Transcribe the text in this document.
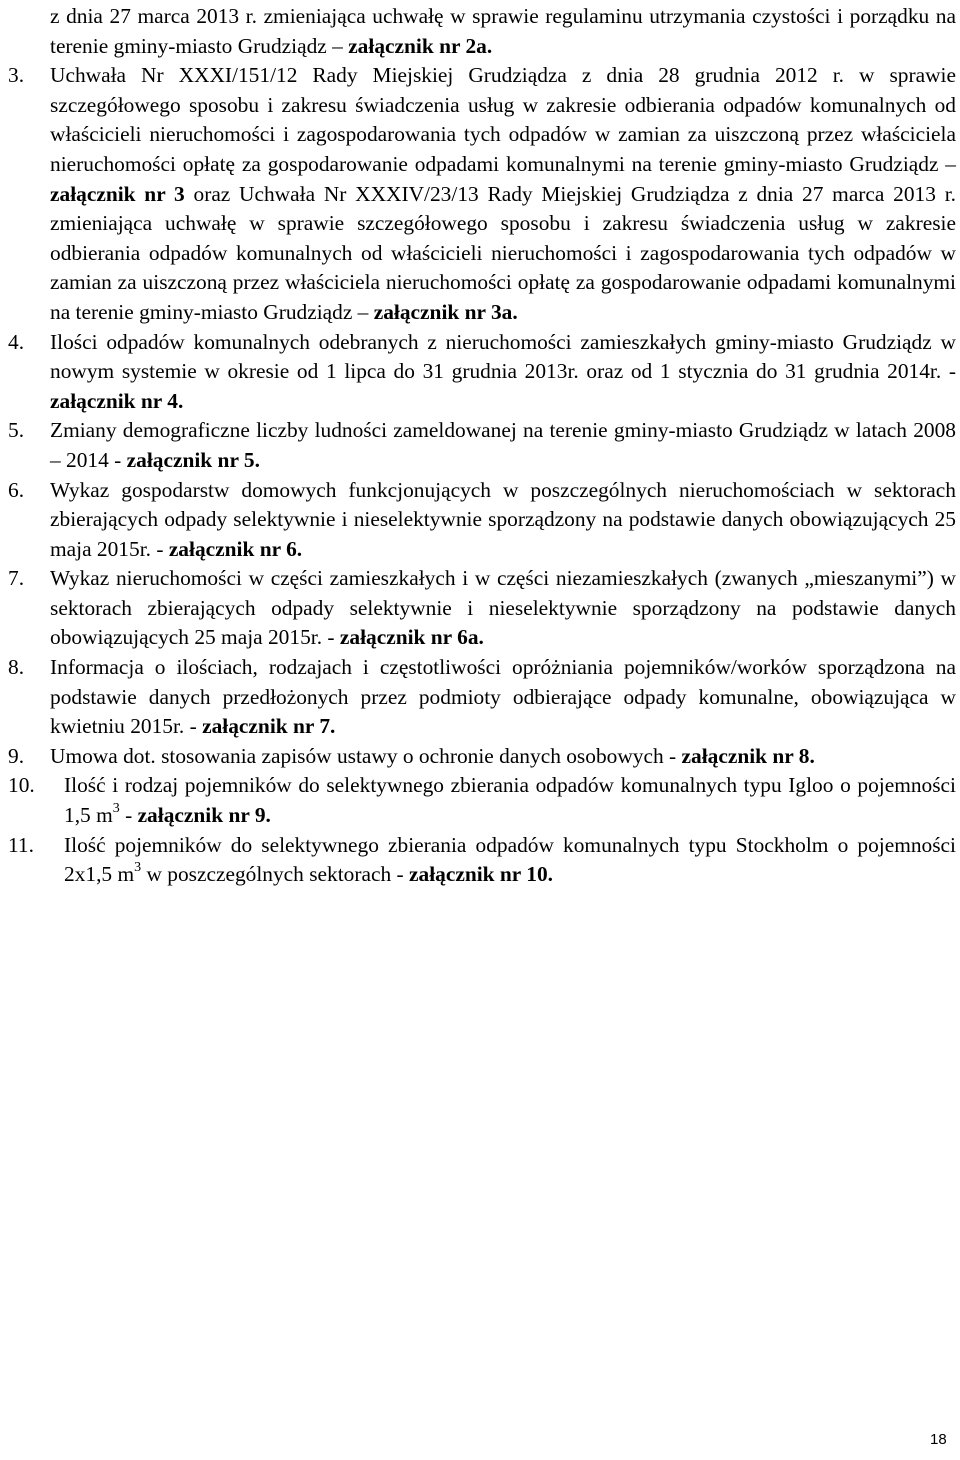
z dnia 27 marca 2013 r. zmieniająca uchwałę w sprawie regulaminu utrzymania czystości i porządku na terenie gminy-miasto Grudziądz – załącznik nr 2a.
3. Uchwała Nr XXXI/151/12 Rady Miejskiej Grudziądza z dnia 28 grudnia 2012 r. w sprawie szczegółowego sposobu i zakresu świadczenia usług w zakresie odbierania odpadów komunalnych od właścicieli nieruchomości i zagospodarowania tych odpadów w zamian za uiszczoną przez właściciela nieruchomości opłatę za gospodarowanie odpadami komunalnymi na terenie gminy-miasto Grudziądz – załącznik nr 3 oraz Uchwała Nr XXXIV/23/13 Rady Miejskiej Grudziądza z dnia 27 marca 2013 r. zmieniająca uchwałę w sprawie szczegółowego sposobu i zakresu świadczenia usług w zakresie odbierania odpadów komunalnych od właścicieli nieruchomości i zagospodarowania tych odpadów w zamian za uiszczoną przez właściciela nieruchomości opłatę za gospodarowanie odpadami komunalnymi na terenie gminy-miasto Grudziądz – załącznik nr 3a.
4. Ilości odpadów komunalnych odebranych z nieruchomości zamieszkałych gminy-miasto Grudziądz w nowym systemie w okresie od 1 lipca do 31 grudnia 2013r. oraz od 1 stycznia do 31 grudnia 2014r. - załącznik nr 4.
5. Zmiany demograficzne liczby ludności zameldowanej na terenie gminy-miasto Grudziądz w latach 2008 – 2014 - załącznik nr 5.
6. Wykaz gospodarstw domowych funkcjonujących w poszczególnych nieruchomościach w sektorach zbierających odpady selektywnie i nieselektywnie sporządzony na podstawie danych obowiązujących 25 maja 2015r. - załącznik nr 6.
7. Wykaz nieruchomości w części zamieszkałych i w części niezamieszkałych (zwanych „mieszanymi”) w sektorach zbierających odpady selektywnie i nieselektywnie sporządzony na podstawie danych obowiązujących 25 maja 2015r. - załącznik nr 6a.
8. Informacja o ilościach, rodzajach i częstotliwości opróżniania pojemników/worków sporządzona na podstawie danych przedłożonych przez podmioty odbierające odpady komunalne, obowiązująca w kwietniu 2015r. - załącznik nr 7.
9. Umowa dot. stosowania zapisów ustawy o ochronie danych osobowych - załącznik nr 8.
10. Ilość i rodzaj pojemników do selektywnego zbierania odpadów komunalnych typu Igloo o pojemności 1,5 $m^3$ - załącznik nr 9.
11. Ilość pojemników do selektywnego zbierania odpadów komunalnych typu Stockholm o pojemności 2x1,5 $m^3$ w poszczególnych sektorach - załącznik nr 10.
18
